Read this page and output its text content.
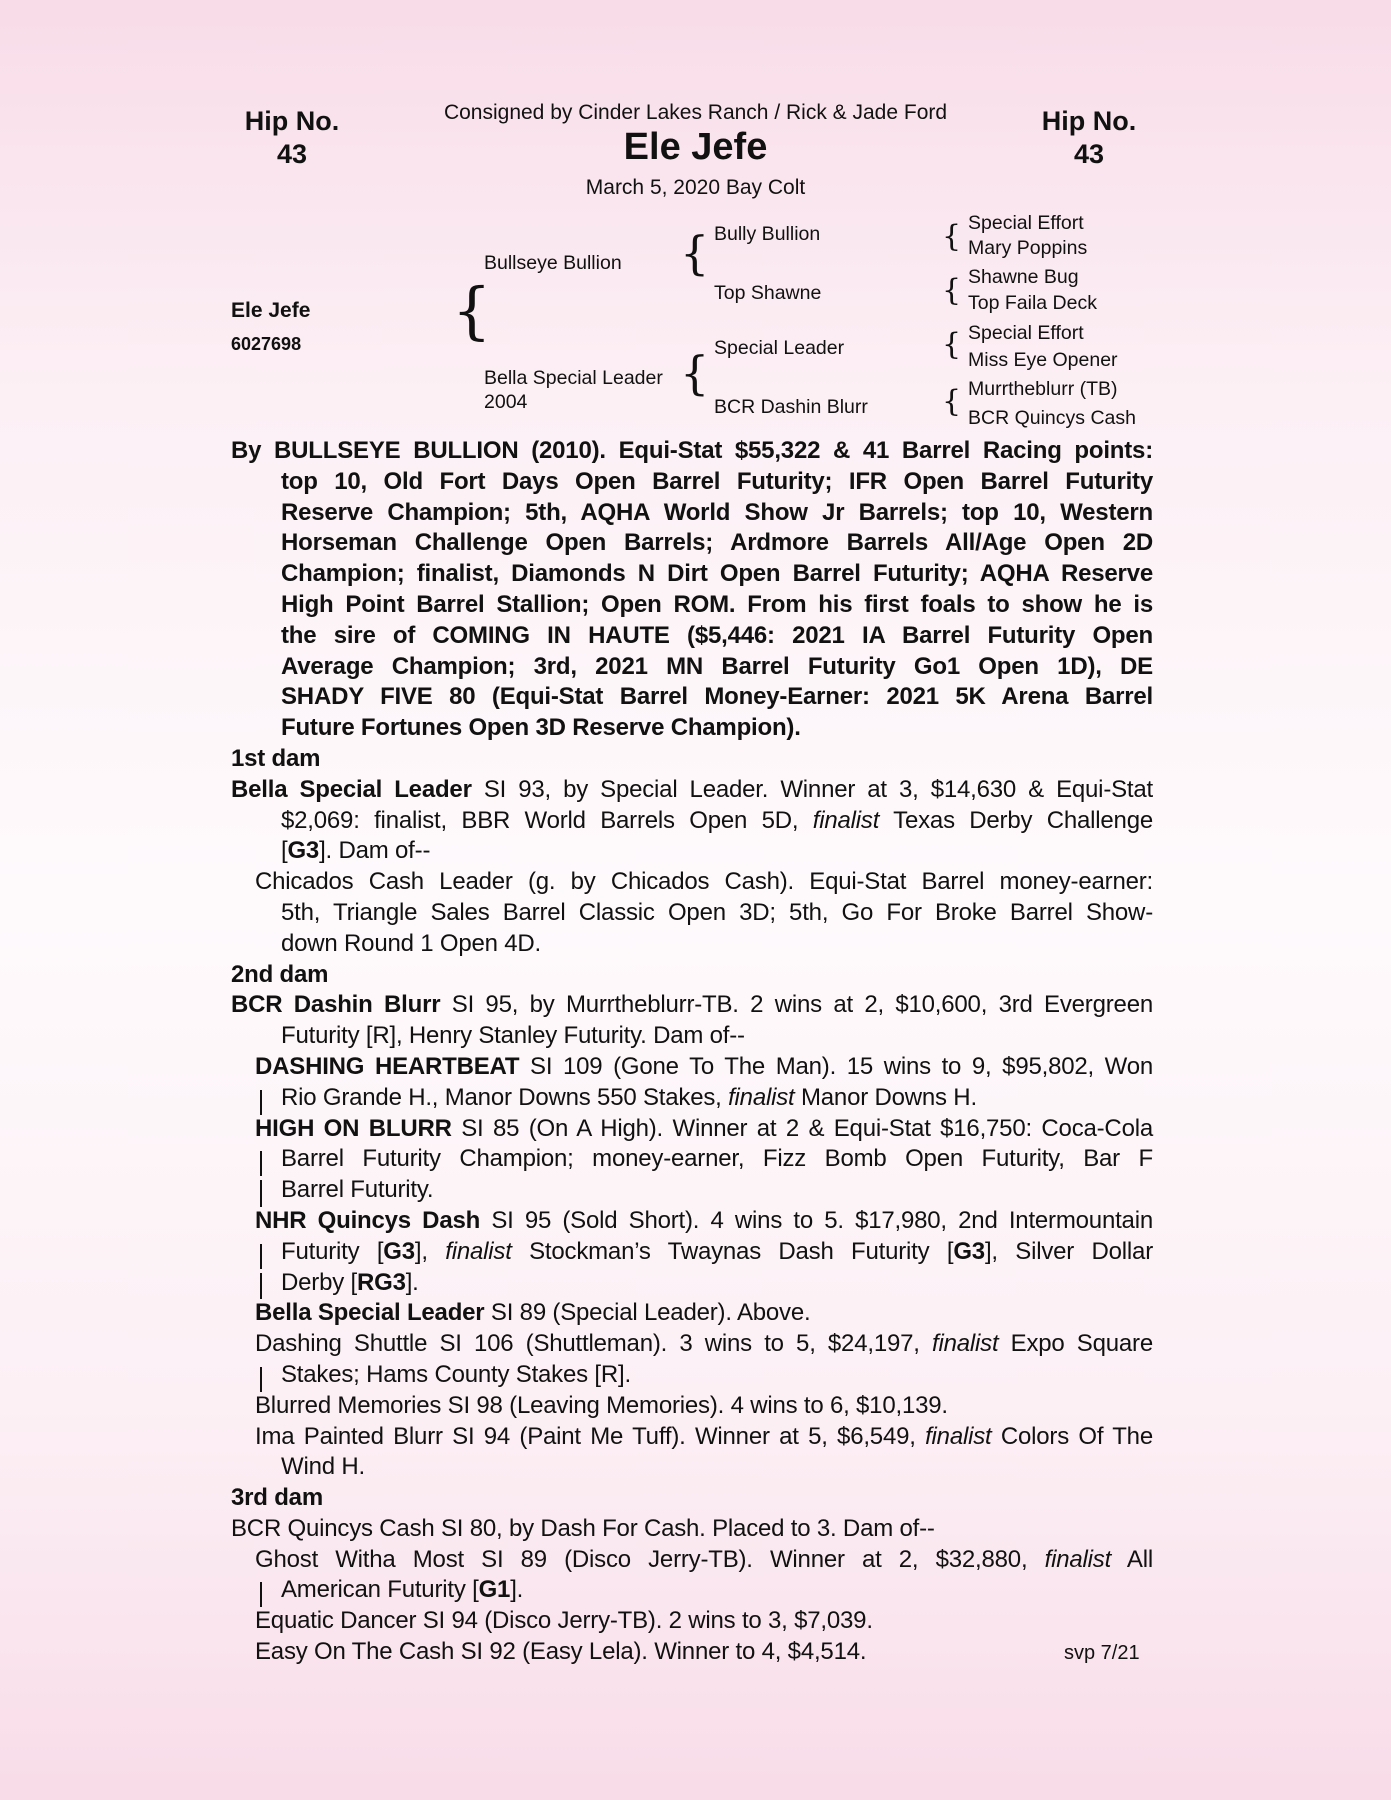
Hip No.
43
Hip No.
43
Consigned by Cinder Lakes Ranch / Rick & Jade Ford
Ele Jefe
March 5, 2020 Bay Colt
Ele Jefe
6027698 {
Bullseye Bullion
Bella Special Leader
2004
{
{
Bully Bullion
Top Shawne
Special Leader
BCR Dashin Blurr
{
{
{
{
Special Effort
Mary Poppins
Shawne Bug
Top Faila Deck
Special Effort
Miss Eye Opener
Murrtheblurr (TB)
BCR Quincys Cash
By BULLSEYE BULLION (2010). Equi-Stat $55,322 & 41 Barrel Racing points:
top 10, Old Fort Days Open Barrel Futurity; IFR Open Barrel Futurity
Reserve Champion; 5th, AQHA World Show Jr Barrels; top 10, Western
Horseman Challenge Open Barrels; Ardmore Barrels All/Age Open 2D
Champion; finalist, Diamonds N Dirt Open Barrel Futurity; AQHA Reserve
High Point Barrel Stallion; Open ROM. From his first foals to show he is
the sire of COMING IN HAUTE ($5,446: 2021 IA Barrel Futurity Open
Average Champion; 3rd, 2021 MN Barrel Futurity Go1 Open 1D), DE
SHADY FIVE 80 (Equi-Stat Barrel Money-Earner: 2021 5K Arena Barrel
Future Fortunes Open 3D Reserve Champion).
1st dam
Bella Special Leader SI 93, by Special Leader. Winner at 3, $14,630 & Equi-Stat
$2,069: finalist, BBR World Barrels Open 5D, finalist Texas Derby Challenge
[G3]. Dam of--
Chicados Cash Leader (g. by Chicados Cash). Equi-Stat Barrel money-earner:
5th, Triangle Sales Barrel Classic Open 3D; 5th, Go For Broke Barrel Show-
down Round 1 Open 4D.
2nd dam
BCR Dashin Blurr SI 95, by Murrtheblurr-TB. 2 wins at 2, $10,600, 3rd Evergreen
Futurity [R], Henry Stanley Futurity. Dam of--
DASHING HEARTBEAT SI 109 (Gone To The Man). 15 wins to 9, $95,802, Won
Rio Grande H., Manor Downs 550 Stakes, finalist Manor Downs H.
HIGH ON BLURR SI 85 (On A High). Winner at 2 & Equi-Stat $16,750: Coca-Cola
Barrel Futurity Champion; money-earner, Fizz Bomb Open Futurity, Bar F
Barrel Futurity.
NHR Quincys Dash SI 95 (Sold Short). 4 wins to 5. $17,980, 2nd Intermountain
Futurity [G3], finalist Stockman’s Twaynas Dash Futurity [G3], Silver Dollar
Derby [RG3].
Bella Special Leader SI 89 (Special Leader). Above.
Dashing Shuttle SI 106 (Shuttleman). 3 wins to 5, $24,197, finalist Expo Square
Stakes; Hams County Stakes [R].
Blurred Memories SI 98 (Leaving Memories). 4 wins to 6, $10,139.
Ima Painted Blurr SI 94 (Paint Me Tuff). Winner at 5, $6,549, finalist Colors Of The
Wind H.
3rd dam
BCR Quincys Cash SI 80, by Dash For Cash. Placed to 3. Dam of--
Ghost Witha Most SI 89 (Disco Jerry-TB). Winner at 2, $32,880, finalist All
American Futurity [G1].
Equatic Dancer SI 94 (Disco Jerry-TB). 2 wins to 3, $7,039.
Easy On The Cash SI 92 (Easy Lela). Winner to 4, $4,514.	svp 7/21
